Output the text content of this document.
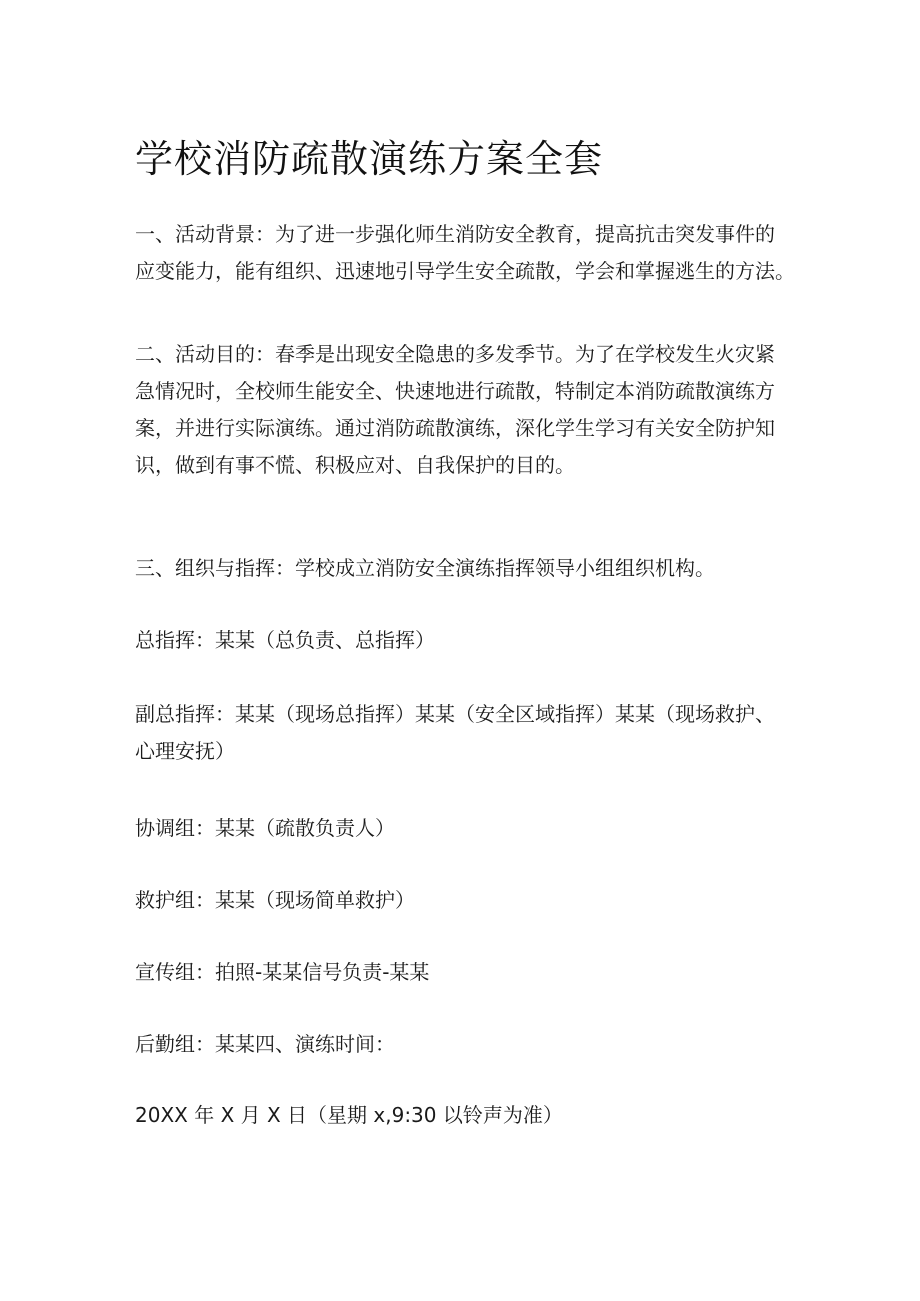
学校消防疏散演练方案全套

一、活动背景：为了进一步强化师生消防安全教育，提高抗击突发事件的
应变能力，能有组织、迅速地引导学生安全疏散，学会和掌握逃生的方法。

二、活动目的：春季是出现安全隐患的多发季节。为了在学校发生火灾紧
急情况时，全校师生能安全、快速地进行疏散，特制定本消防疏散演练方
案，并进行实际演练。通过消防疏散演练，深化学生学习有关安全防护知
识，做到有事不慌、积极应对、自我保护的目的。

三、组织与指挥：学校成立消防安全演练指挥领导小组组织机构。

总指挥：某某（总负责、总指挥）

副总指挥：某某（现场总指挥）某某（安全区域指挥）某某（现场救护、
心理安抚）

协调组：某某（疏散负责人）

救护组：某某（现场简单救护）

宣传组：拍照-某某信号负责-某某

后勤组：某某四、演练时间：

20XX 年 X 月 X 日（星期 x,9:30 以铃声为准）
